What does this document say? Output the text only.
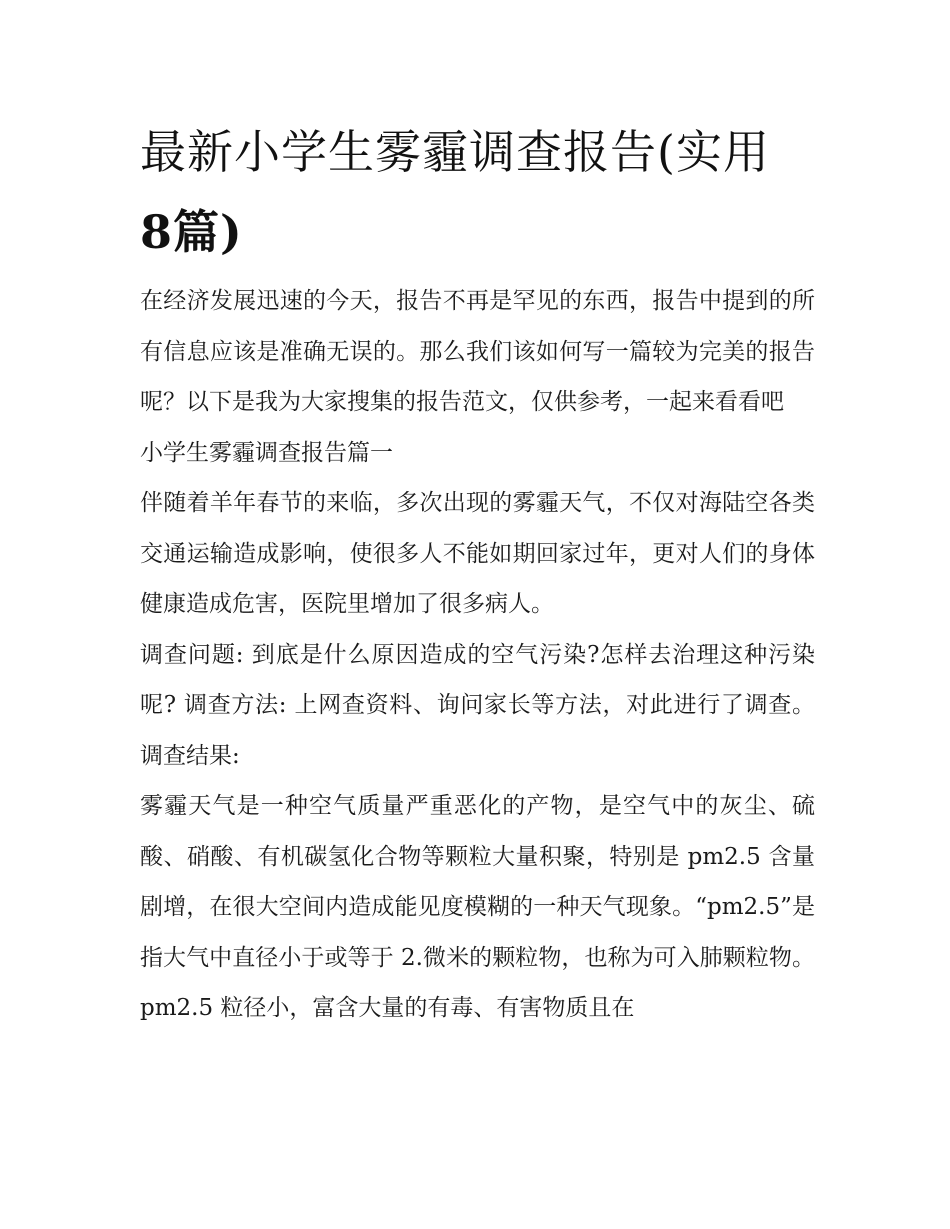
最新小学生雾霾调查报告(实用
8篇)

在经济发展迅速的今天，报告不再是罕见的东西，报告中提到的所有信息应该是准确无误的。那么我们该如何写一篇较为完美的报告呢？以下是我为大家搜集的报告范文，仅供参考，一起来看看吧

小学生雾霾调查报告篇一

伴随着羊年春节的来临，多次出现的雾霾天气，不仅对海陆空各类交通运输造成影响，使很多人不能如期回家过年，更对人们的身体健康造成危害，医院里增加了很多病人。

调查问题: 到底是什么原因造成的空气污染?怎样去治理这种污染呢? 调查方法: 上网查资料、询问家长等方法，对此进行了调查。 调查结果:

雾霾天气是一种空气质量严重恶化的产物，是空气中的灰尘、硫酸、硝酸、有机碳氢化合物等颗粒大量积聚，特别是 pm2.5 含量剧增，在很大空间内造成能见度模糊的一种天气现象。“pm2.5”是指大气中直径小于或等于 2.微米的颗粒物，也称为可入肺颗粒物。pm2.5 粒径小，富含大量的有毒、有害物质且在
